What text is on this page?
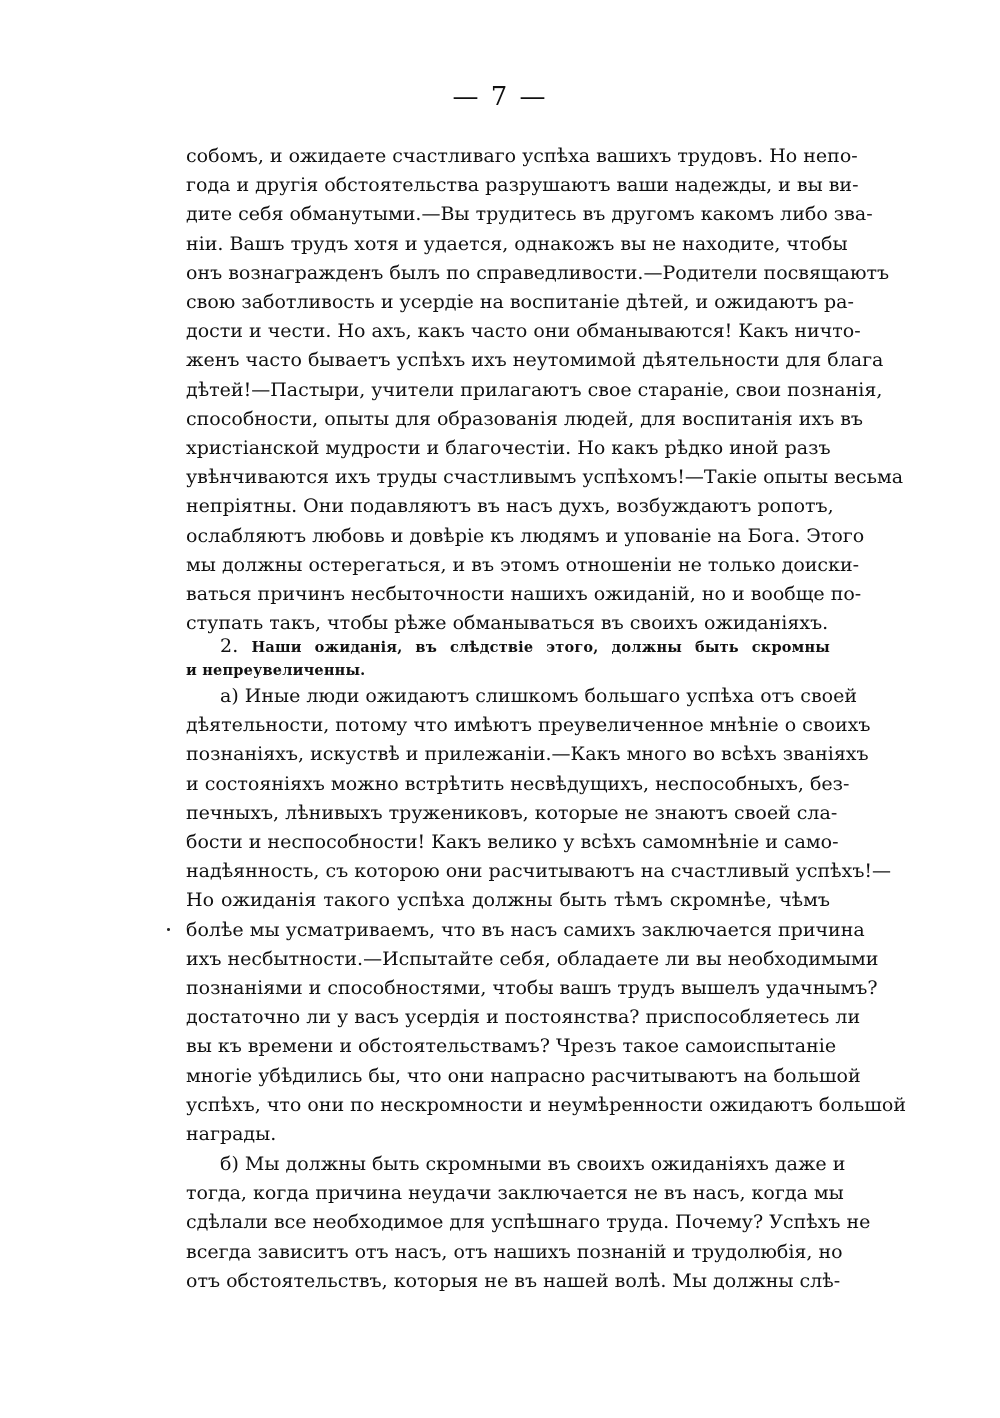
— 7 —
собомъ, и ожидаете счастливаго успѣха вашихъ трудовъ. Но непо-
года и другія обстоятельства разрушаютъ ваши надежды, и вы ви-
дите себя обманутыми.—Вы трудитесь въ другомъ какомъ либо зва-
ніи. Вашъ трудъ хотя и удается, однакожъ вы не находите, чтобы
онъ вознагражденъ былъ по справедливости.—Родители посвящаютъ
свою заботливость и усердіе на воспитаніе дѣтей, и ожидаютъ ра-
дости и чести. Но ахъ, какъ часто они обманываются! Какъ ничто-
женъ часто бываетъ успѣхъ ихъ неутомимой дѣятельности для блага
дѣтей!—Пастыри, учители прилагаютъ свое стараніе, свои познанія,
способности, опыты для образованія людей, для воспитанія ихъ въ
христіанской мудрости и благочестіи. Но какъ рѣдко иной разъ
увѣнчиваются ихъ труды счастливымъ успѣхомъ!—Такіе опыты весьма
непріятны. Они подавляютъ въ насъ духъ, возбуждаютъ ропотъ,
ослабляютъ любовь и довѣріе къ людямъ и упованіе на Бога. Этого
мы должны остерегаться, и въ этомъ отношеніи не только доиски-
ваться причинъ несбыточности нашихъ ожиданій, но и вообще по-
ступать такъ, чтобы рѣже обманываться въ своихъ ожиданіяхъ.
2. Наши ожиданія, въ слѣдствіе этого, должны быть скромны
и непреувеличенны.
а) Иные люди ожидаютъ слишкомъ большаго успѣха отъ своей
дѣятельности, потому что имѣютъ преувеличенное мнѣніе о своихъ
познаніяхъ, искуствѣ и прилежаніи.—Какъ много во всѣхъ званіяхъ
и состояніяхъ можно встрѣтить несвѣдущихъ, неспособныхъ, без-
печныхъ, лѣнивыхъ тружениковъ, которые не знаютъ своей сла-
бости и неспособности! Какъ велико у всѣхъ самомнѣніе и само-
надѣянность, съ которою они расчитываютъ на счастливый успѣхъ!—
Но ожиданія такого успѣха должны быть тѣмъ скромнѣе, чѣмъ
болѣе мы усматриваемъ, что въ насъ самихъ заключается причина
ихъ несбытности.—Испытайте себя, обладаете ли вы необходимыми
познаніями и способностями, чтобы вашъ трудъ вышелъ удачнымъ?
достаточно ли у васъ усердія и постоянства? приспособляетесь ли
вы къ времени и обстоятельствамъ? Чрезъ такое самоиспытаніе
многіе убѣдились бы, что они напрасно расчитываютъ на большой
успѣхъ, что они по нескромности и неумѣренности ожидаютъ большой
награды.
б) Мы должны быть скромными въ своихъ ожиданіяхъ даже и
тогда, когда причина неудачи заключается не въ насъ, когда мы
сдѣлали все необходимое для успѣшнаго труда. Почему? Успѣхъ не
всегда зависитъ отъ насъ, отъ нашихъ познаній и трудолюбія, но
отъ обстоятельствъ, которыя не въ нашей волѣ. Мы должны слѣ-
